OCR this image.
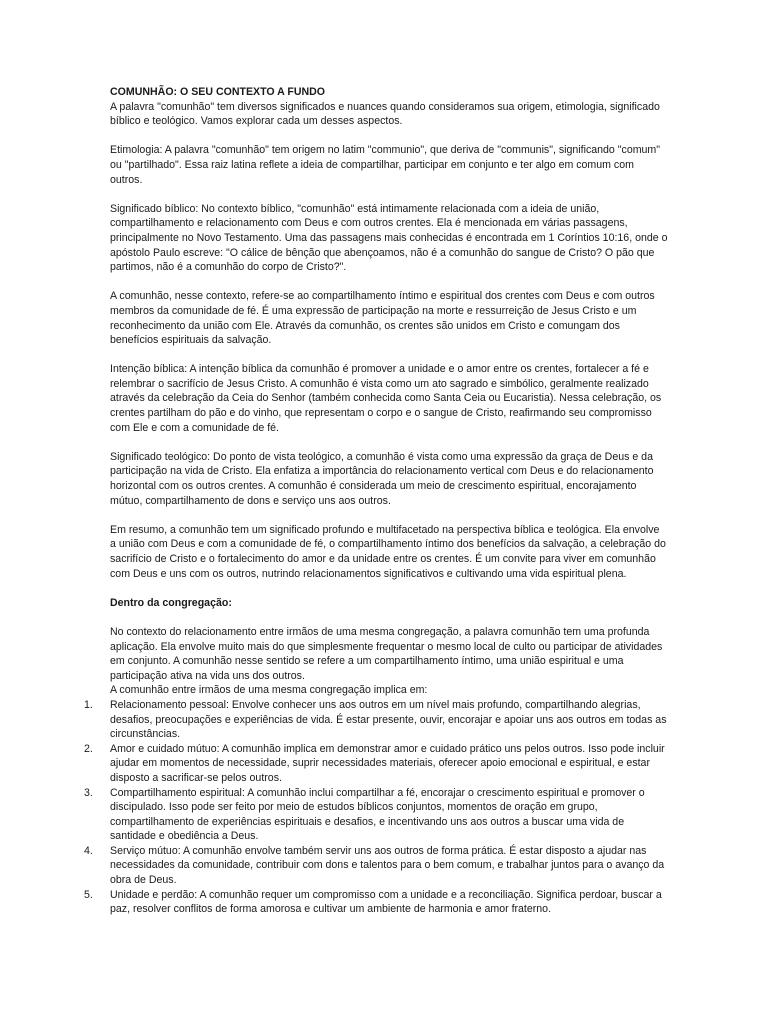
COMUNHÃO: O SEU CONTEXTO A FUNDO

A palavra "comunhão" tem diversos significados e nuances quando consideramos sua origem, etimologia, significado bíblico e teológico. Vamos explorar cada um desses aspectos.

Etimologia: A palavra "comunhão" tem origem no latim "communio", que deriva de "communis", significando "comum" ou "partilhado". Essa raiz latina reflete a ideia de compartilhar, participar em conjunto e ter algo em comum com outros.

Significado bíblico: No contexto bíblico, "comunhão" está intimamente relacionada com a ideia de união, compartilhamento e relacionamento com Deus e com outros crentes. Ela é mencionada em várias passagens, principalmente no Novo Testamento. Uma das passagens mais conhecidas é encontrada em 1 Coríntios 10:16, onde o apóstolo Paulo escreve: "O cálice de bênção que abençoamos, não é a comunhão do sangue de Cristo? O pão que partimos, não é a comunhão do corpo de Cristo?".

A comunhão, nesse contexto, refere-se ao compartilhamento íntimo e espiritual dos crentes com Deus e com outros membros da comunidade de fé. É uma expressão de participação na morte e ressurreição de Jesus Cristo e um reconhecimento da união com Ele. Através da comunhão, os crentes são unidos em Cristo e comungam dos benefícios espirituais da salvação.

Intenção bíblica: A intenção bíblica da comunhão é promover a unidade e o amor entre os crentes, fortalecer a fé e relembrar o sacrifício de Jesus Cristo. A comunhão é vista como um ato sagrado e simbólico, geralmente realizado através da celebração da Ceia do Senhor (também conhecida como Santa Ceia ou Eucaristia). Nessa celebração, os crentes partilham do pão e do vinho, que representam o corpo e o sangue de Cristo, reafirmando seu compromisso com Ele e com a comunidade de fé.

Significado teológico: Do ponto de vista teológico, a comunhão é vista como uma expressão da graça de Deus e da participação na vida de Cristo. Ela enfatiza a importância do relacionamento vertical com Deus e do relacionamento horizontal com os outros crentes. A comunhão é considerada um meio de crescimento espiritual, encorajamento mútuo, compartilhamento de dons e serviço uns aos outros.

Em resumo, a comunhão tem um significado profundo e multifacetado na perspectiva bíblica e teológica. Ela envolve a união com Deus e com a comunidade de fé, o compartilhamento íntimo dos benefícios da salvação, a celebração do sacrifício de Cristo e o fortalecimento do amor e da unidade entre os crentes. É um convite para viver em comunhão com Deus e uns com os outros, nutrindo relacionamentos significativos e cultivando uma vida espiritual plena.

Dentro da congregação:

No contexto do relacionamento entre irmãos de uma mesma congregação, a palavra comunhão tem uma profunda aplicação. Ela envolve muito mais do que simplesmente frequentar o mesmo local de culto ou participar de atividades em conjunto. A comunhão nesse sentido se refere a um compartilhamento íntimo, uma união espiritual e uma participação ativa na vida uns dos outros.

A comunhão entre irmãos de uma mesma congregação implica em:

1. Relacionamento pessoal: Envolve conhecer uns aos outros em um nível mais profundo, compartilhando alegrias, desafios, preocupações e experiências de vida. É estar presente, ouvir, encorajar e apoiar uns aos outros em todas as circunstâncias.
2. Amor e cuidado mútuo: A comunhão implica em demonstrar amor e cuidado prático uns pelos outros. Isso pode incluir ajudar em momentos de necessidade, suprir necessidades materiais, oferecer apoio emocional e espiritual, e estar disposto a sacrificar-se pelos outros.
3. Compartilhamento espiritual: A comunhão inclui compartilhar a fé, encorajar o crescimento espiritual e promover o discipulado. Isso pode ser feito por meio de estudos bíblicos conjuntos, momentos de oração em grupo, compartilhamento de experiências espirituais e desafios, e incentivando uns aos outros a buscar uma vida de santidade e obediência a Deus.
4. Serviço mútuo: A comunhão envolve também servir uns aos outros de forma prática. É estar disposto a ajudar nas necessidades da comunidade, contribuir com dons e talentos para o bem comum, e trabalhar juntos para o avanço da obra de Deus.
5. Unidade e perdão: A comunhão requer um compromisso com a unidade e a reconciliação. Significa perdoar, buscar a paz, resolver conflitos de forma amorosa e cultivar um ambiente de harmonia e amor fraterno.
